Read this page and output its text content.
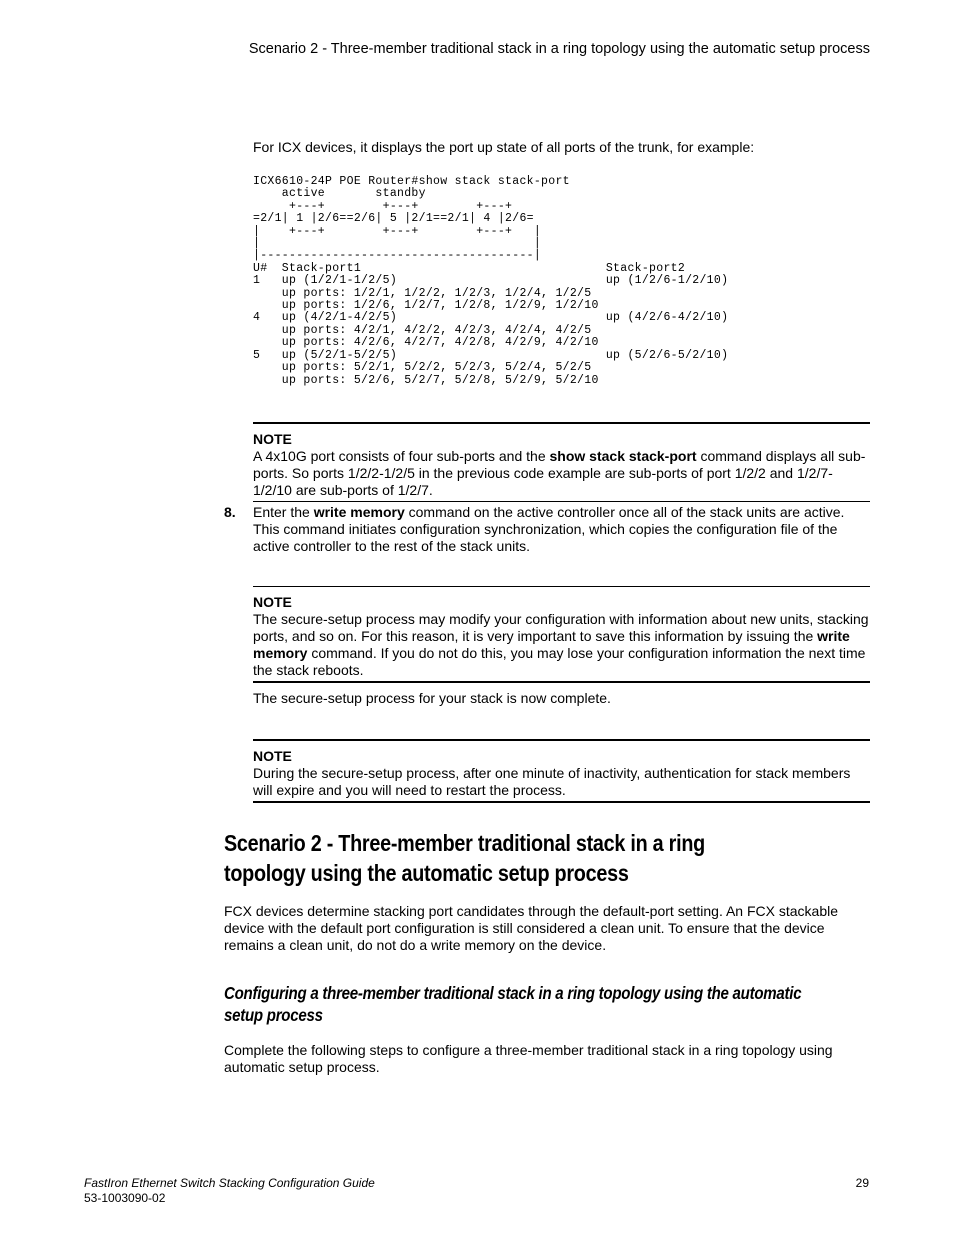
Scenario 2 - Three-member traditional stack in a ring topology using the automatic setup process
For ICX devices, it displays the port up state of all ports of the trunk, for example:
ICX6610-24P POE Router#show stack stack-port
active       standby
+---+        +---+        +---+
=2/1| 1 |2/6==2/6| 5 |2/1==2/1| 4 |2/6=
|    +---+        +---+        +---+   |
|                                      |
|--------------------------------------|
U#  Stack-port1                                  Stack-port2
1   up (1/2/1-1/2/5)                             up (1/2/6-1/2/10)
up ports: 1/2/1, 1/2/2, 1/2/3, 1/2/4, 1/2/5
up ports: 1/2/6, 1/2/7, 1/2/8, 1/2/9, 1/2/10
4   up (4/2/1-4/2/5)                             up (4/2/6-4/2/10)
up ports: 4/2/1, 4/2/2, 4/2/3, 4/2/4, 4/2/5
up ports: 4/2/6, 4/2/7, 4/2/8, 4/2/9, 4/2/10
5   up (5/2/1-5/2/5)                             up (5/2/6-5/2/10)
up ports: 5/2/1, 5/2/2, 5/2/3, 5/2/4, 5/2/5
up ports: 5/2/6, 5/2/7, 5/2/8, 5/2/9, 5/2/10
NOTE
A 4x10G port consists of four sub-ports and the show stack stack-port command displays all sub-ports. So ports 1/2/2-1/2/5 in the previous code example are sub-ports of port 1/2/2 and 1/2/7-1/2/10 are sub-ports of 1/2/7.
8. Enter the write memory command on the active controller once all of the stack units are active. This command initiates configuration synchronization, which copies the configuration file of the active controller to the rest of the stack units.
NOTE
The secure-setup process may modify your configuration with information about new units, stacking ports, and so on. For this reason, it is very important to save this information by issuing the write memory command. If you do not do this, you may lose your configuration information the next time the stack reboots.
The secure-setup process for your stack is now complete.
NOTE
During the secure-setup process, after one minute of inactivity, authentication for stack members will expire and you will need to restart the process.
Scenario 2 - Three-member traditional stack in a ring topology using the automatic setup process
FCX devices determine stacking port candidates through the default-port setting. An FCX stackable device with the default port configuration is still considered a clean unit. To ensure that the device remains a clean unit, do not do a write memory on the device.
Configuring a three-member traditional stack in a ring topology using the automatic setup process
Complete the following steps to configure a three-member traditional stack in a ring topology using automatic setup process.
FastIron Ethernet Switch Stacking Configuration Guide
53-1003090-02
29
